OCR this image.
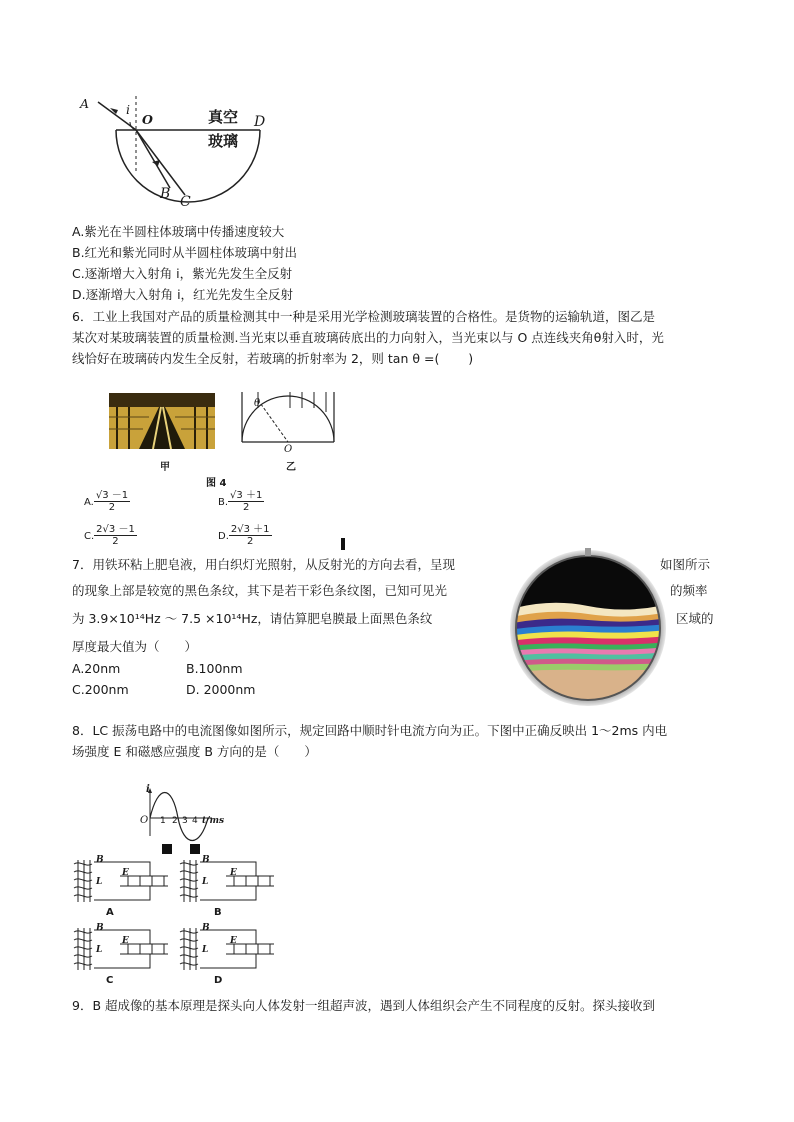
A	i
O	真空
玻璃
D
B C
A.紫光在半圆柱体玻璃中传播速度较大
B.红光和紫光同时从半圆柱体玻璃中射出
C.逐渐增大入射角 i，紫光先发生全反射
D.逐渐增大入射角 i，红光先发生全反射
6．工业上我国对产品的质量检测其中一种是采用光学检测玻璃装置的合格性。是货物的运输轨道，图乙是
某次对某玻璃装置的质量检测.当光束以垂直玻璃砖底出的力向射入，当光束以与 O 点连线夹角θ射入时，光
线恰好在玻璃砖内发生全反射，若玻璃的折射率为 2，则 tan θ =(　　 )
甲
图 4
θ
O
乙
A. $\frac{√3 -1}{2}$	B. $\frac{√3 +1}{2}$
C. $\frac{2√3 -1}{2}$	D. $\frac{2√3 +1}{2}$
7．用铁环粘上肥皂液，用白织灯光照射，从反射光的方向去看，呈现	如图所示
的现象上部是较宽的黑色条纹，其下是若干彩色条纹图，已知可见光	的频率
为 3.9×10¹⁴Hz ～ 7.5 ×10¹⁴Hz，请估算肥皂膜最上面黑色条纹	区域的
厚度最大值为（　　）
A.20nm	B.100nm
C.200nm	D. 2000nm
8．LC 振荡电路中的电流图像如图所示，规定回路中顺时针电流方向为正。下图中正确反映出 1～2ms 内电
场强度 E 和磁感应强度 B 方向的是（　　）
i
O 1 2 3 4 t/ms
B
L
E
A
B
L
E
B
B
L
E
C
B
L
E
D
9．B 超成像的基本原理是探头向人体发射一组超声波，遇到人体组织会产生不同程度的反射。探头接收到
